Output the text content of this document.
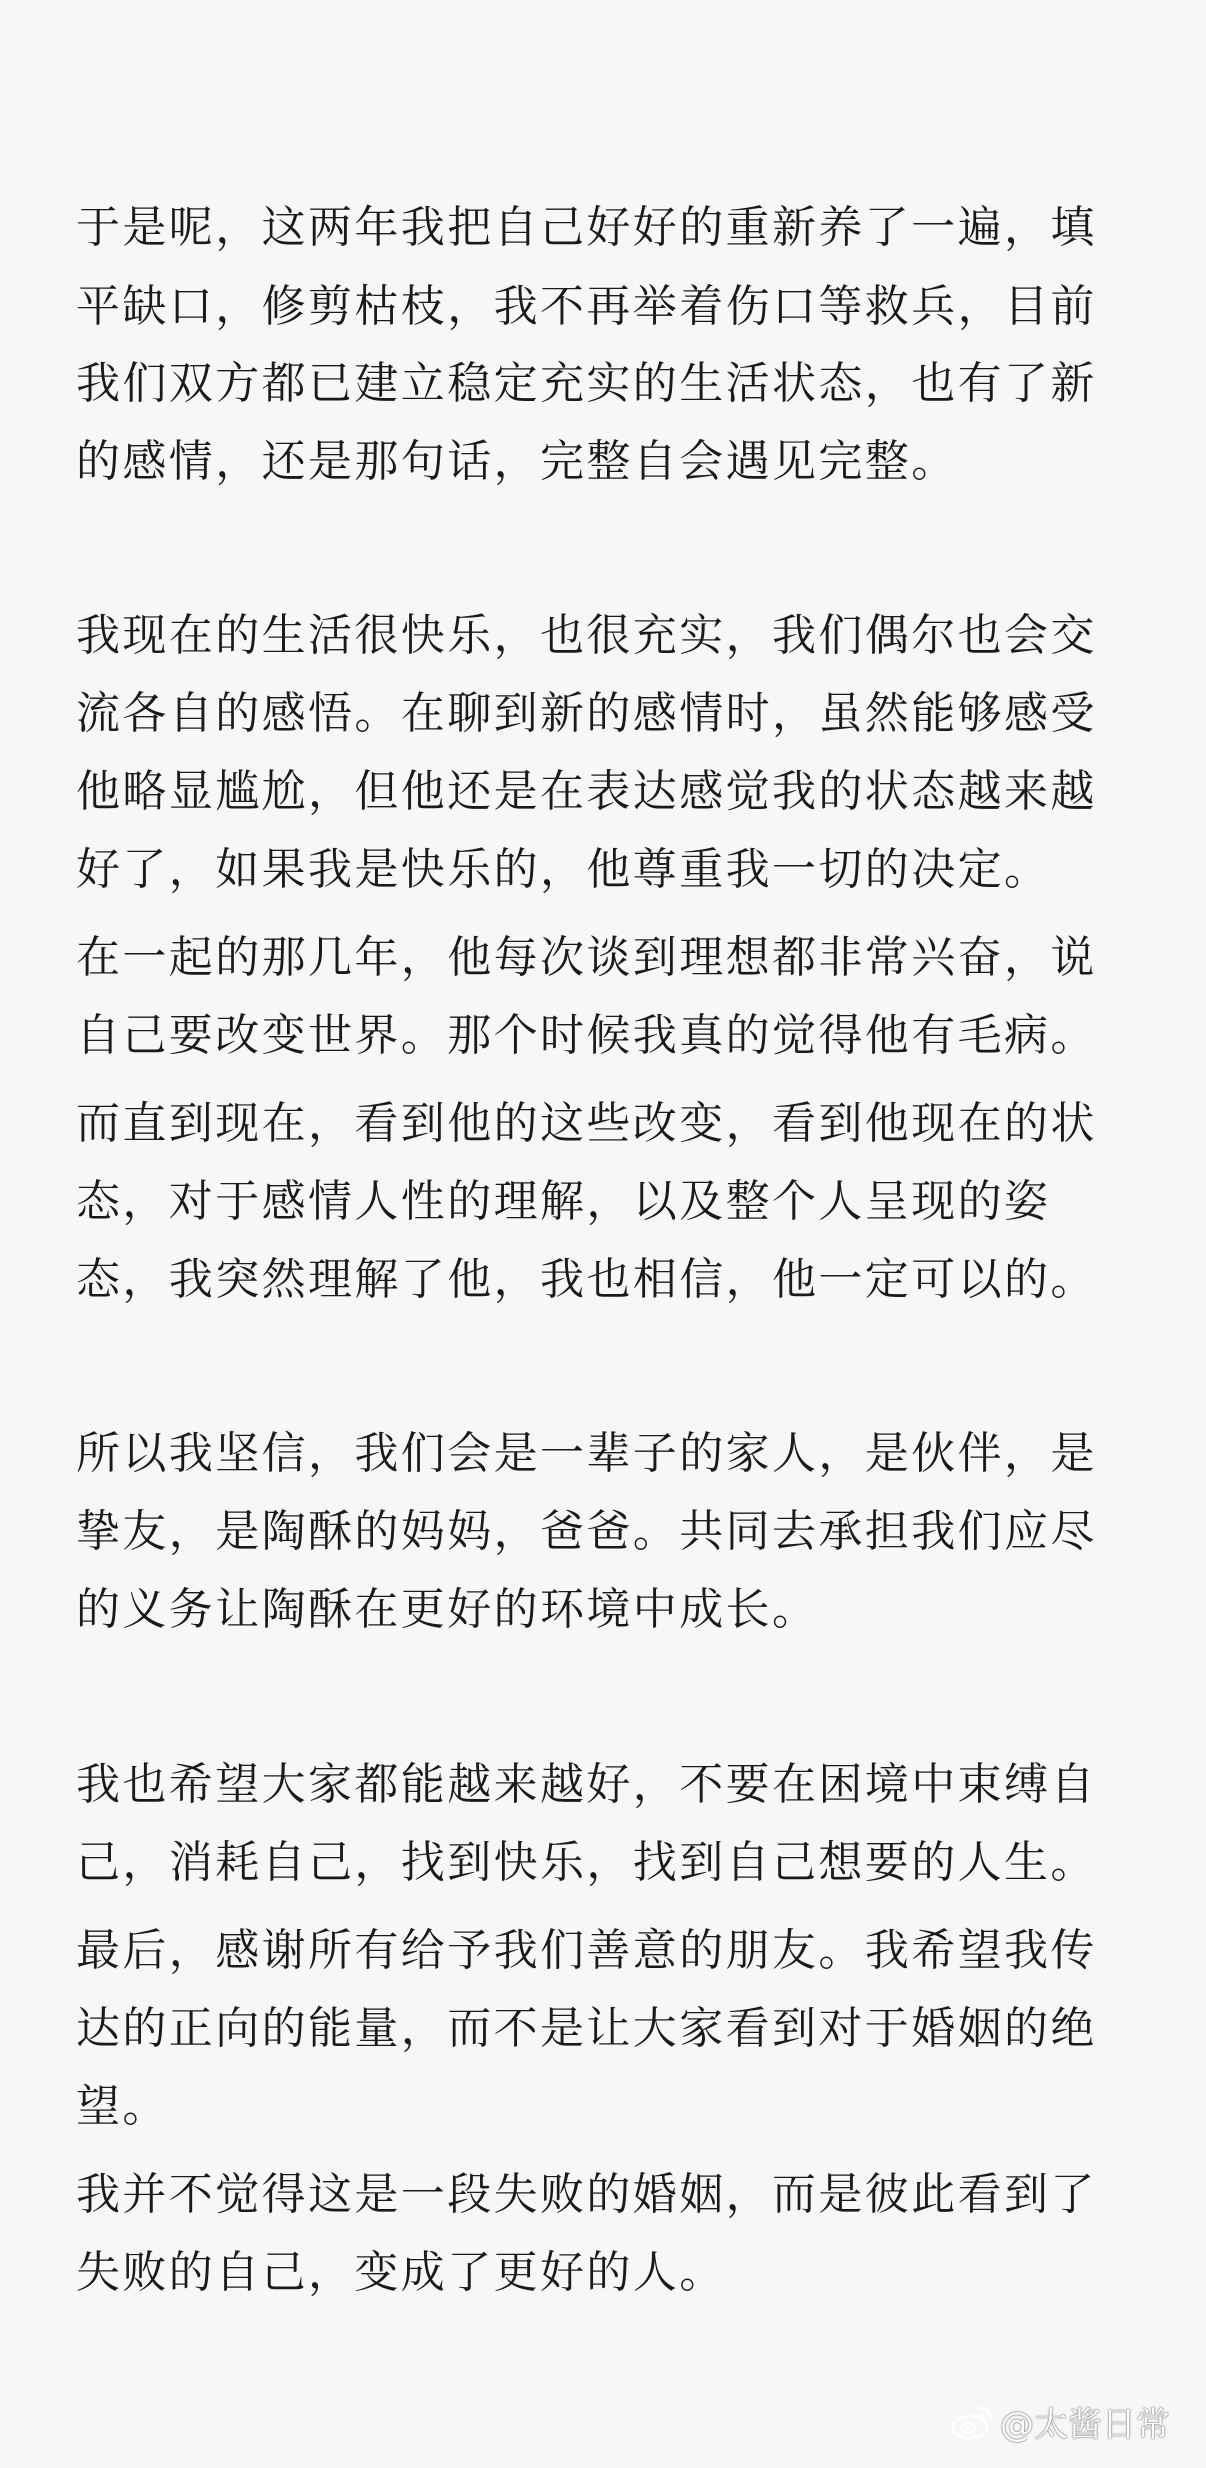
于是呢，这两年我把自己好好的重新养了一遍，填

平缺口，修剪枯枝，我不再举着伤口等救兵，目前

我们双方都已建立稳定充实的生活状态，也有了新

的感情，还是那句话，完整自会遇见完整。

我现在的生活很快乐，也很充实，我们偶尔也会交

流各自的感悟。在聊到新的感情时，虽然能够感受

他略显尴尬，但他还是在表达感觉我的状态越来越

好了，如果我是快乐的，他尊重我一切的决定。

在一起的那几年，他每次谈到理想都非常兴奋，说

自己要改变世界。那个时候我真的觉得他有毛病。

而直到现在，看到他的这些改变，看到他现在的状

态，对于感情人性的理解，以及整个人呈现的姿

态，我突然理解了他，我也相信，他一定可以的。

所以我坚信，我们会是一辈子的家人，是伙伴，是

挚友，是陶酥的妈妈，爸爸。共同去承担我们应尽

的义务让陶酥在更好的环境中成长。

我也希望大家都能越来越好，不要在困境中束缚自

己，消耗自己，找到快乐，找到自己想要的人生。

最后，感谢所有给予我们善意的朋友。我希望我传

达的正向的能量，而不是让大家看到对于婚姻的绝

望。

我并不觉得这是一段失败的婚姻，而是彼此看到了

失败的自己，变成了更好的人。

@太酱日常
